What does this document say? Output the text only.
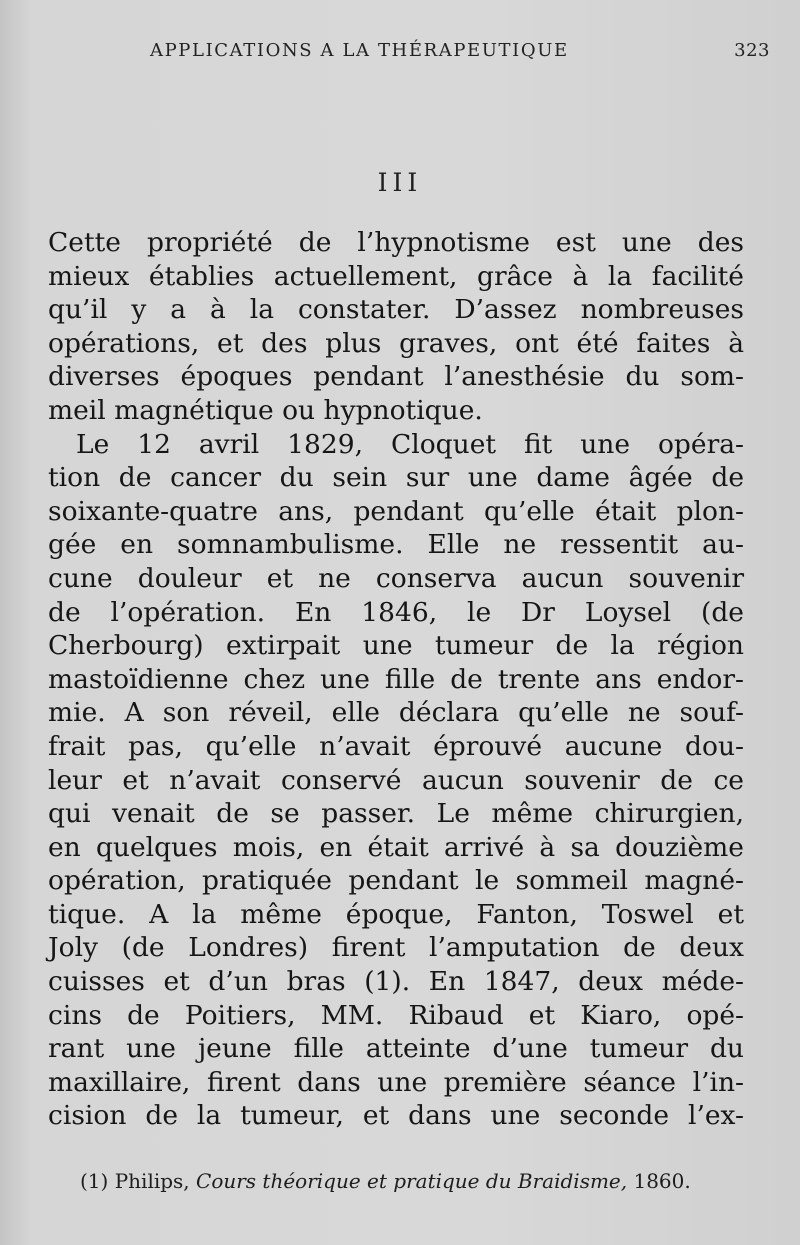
APPLICATIONS A LA THÉRAPEUTIQUE	323
III
Cette propriété de l’hypnotisme est une des
mieux établies actuellement, grâce à la facilité
qu’il y a à la constater. D’assez nombreuses
opérations, et des plus graves, ont été faites à
diverses époques pendant l’anesthésie du som-
meil magnétique ou hypnotique.
Le 12 avril 1829, Cloquet fit une opéra-
tion de cancer du sein sur une dame âgée de
soixante-quatre ans, pendant qu’elle était plon-
gée en somnambulisme. Elle ne ressentit au-
cune douleur et ne conserva aucun souvenir
de l’opération. En 1846, le Dr Loysel (de
Cherbourg) extirpait une tumeur de la région
mastoïdienne chez une fille de trente ans endor-
mie. A son réveil, elle déclara qu’elle ne souf-
frait pas, qu’elle n’avait éprouvé aucune dou-
leur et n’avait conservé aucun souvenir de ce
qui venait de se passer. Le même chirurgien,
en quelques mois, en était arrivé à sa douzième
opération, pratiquée pendant le sommeil magné-
tique. A la même époque, Fanton, Toswel et
Joly (de Londres) firent l’amputation de deux
cuisses et d’un bras (1). En 1847, deux méde-
cins de Poitiers, MM. Ribaud et Kiaro, opé-
rant une jeune fille atteinte d’une tumeur du
maxillaire, firent dans une première séance l’in-
cision de la tumeur, et dans une seconde l’ex-
(1) Philips, Cours théorique et pratique du Braidisme, 1860.
